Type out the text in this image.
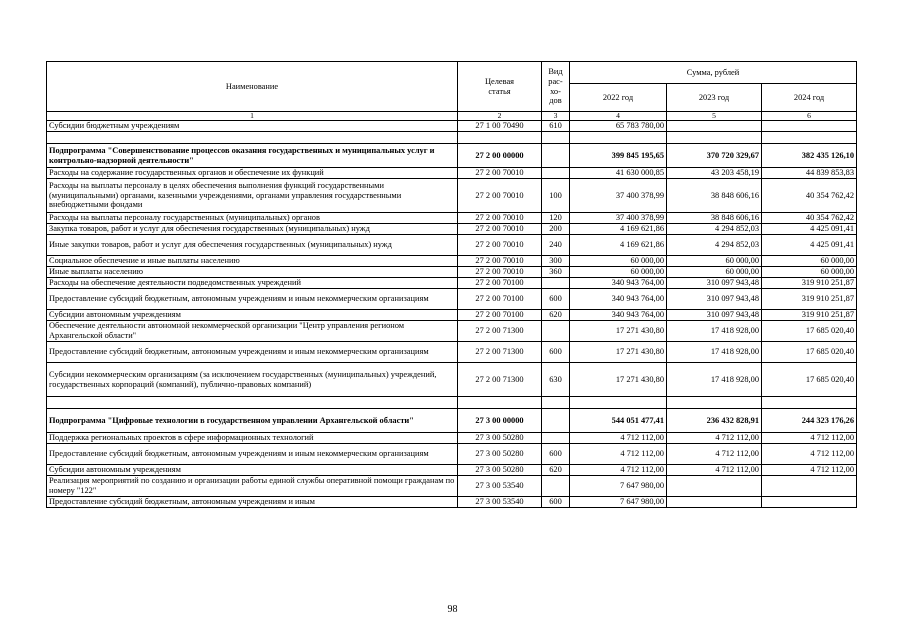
Наименование	Целевая статья	Вид рас-хо-дов	Сумма, рублей		
			2022 год	2023 год	2024 год
1	2	3	4	5	6
Субсидии бюджетным учреждениям	27 1 00 70490	610	65 783 780,00		

Подпрограмма "Совершенствование процессов оказания государственных и муниципальных услуг и контрольно-надзорной деятельности"	27 2 00 00000		399 845 195,65	370 720 329,67	382 435 126,10
Расходы на содержание государственных органов и обеспечение их функций	27 2 00 70010		41 630 000,85	43 203 458,19	44 839 853,83
Расходы на выплаты персоналу в целях обеспечения выполнения функций государственными (муниципальными) органами, казенными учреждениями, органами управления государственными внебюджетными фондами	27 2 00 70010	100	37 400 378,99	38 848 606,16	40 354 762,42
Расходы на выплаты персоналу государственных (муниципальных) органов	27 2 00 70010	120	37 400 378,99	38 848 606,16	40 354 762,42
Закупка товаров, работ и услуг для обеспечения государственных (муниципальных) нужд	27 2 00 70010	200	4 169 621,86	4 294 852,03	4 425 091,41
Иные закупки товаров, работ и услуг для обеспечения государственных (муниципальных) нужд	27 2 00 70010	240	4 169 621,86	4 294 852,03	4 425 091,41
Социальное обеспечение и иные выплаты населению	27 2 00 70010	300	60 000,00	60 000,00	60 000,00
Иные выплаты населению	27 2 00 70010	360	60 000,00	60 000,00	60 000,00
Расходы на обеспечение деятельности подведомственных учреждений	27 2 00 70100		340 943 764,00	310 097 943,48	319 910 251,87
Предоставление субсидий бюджетным, автономным учреждениям и иным некоммерческим организациям	27 2 00 70100	600	340 943 764,00	310 097 943,48	319 910 251,87
Субсидии автономным учреждениям	27 2 00 70100	620	340 943 764,00	310 097 943,48	319 910 251,87
Обеспечение деятельности автономной некоммерческой организации "Центр управления регионом Архангельской области"	27 2 00 71300		17 271 430,80	17 418 928,00	17 685 020,40
Предоставление субсидий бюджетным, автономным учреждениям и иным некоммерческим организациям	27 2 00 71300	600	17 271 430,80	17 418 928,00	17 685 020,40
Субсидии некоммерческим организациям (за исключением государственных (муниципальных) учреждений, государственных корпораций (компаний), публично-правовых компаний)	27 2 00 71300	630	17 271 430,80	17 418 928,00	17 685 020,40

Подпрограмма "Цифровые технологии в государственном управлении Архангельской области"	27 3 00 00000		544 051 477,41	236 432 828,91	244 323 176,26
Поддержка региональных проектов в сфере информационных технологий	27 3 00 50280		4 712 112,00	4 712 112,00	4 712 112,00
Предоставление субсидий бюджетным, автономным учреждениям и иным некоммерческим организациям	27 3 00 50280	600	4 712 112,00	4 712 112,00	4 712 112,00
Субсидии автономным учреждениям	27 3 00 50280	620	4 712 112,00	4 712 112,00	4 712 112,00
Реализация мероприятий по созданию и организации работы единой службы оперативной помощи гражданам по номеру "122"	27 3 00 53540		7 647 980,00		
Предоставление субсидий бюджетным, автономным учреждениям и иным	27 3 00 53540	600	7 647 980,00		
98
